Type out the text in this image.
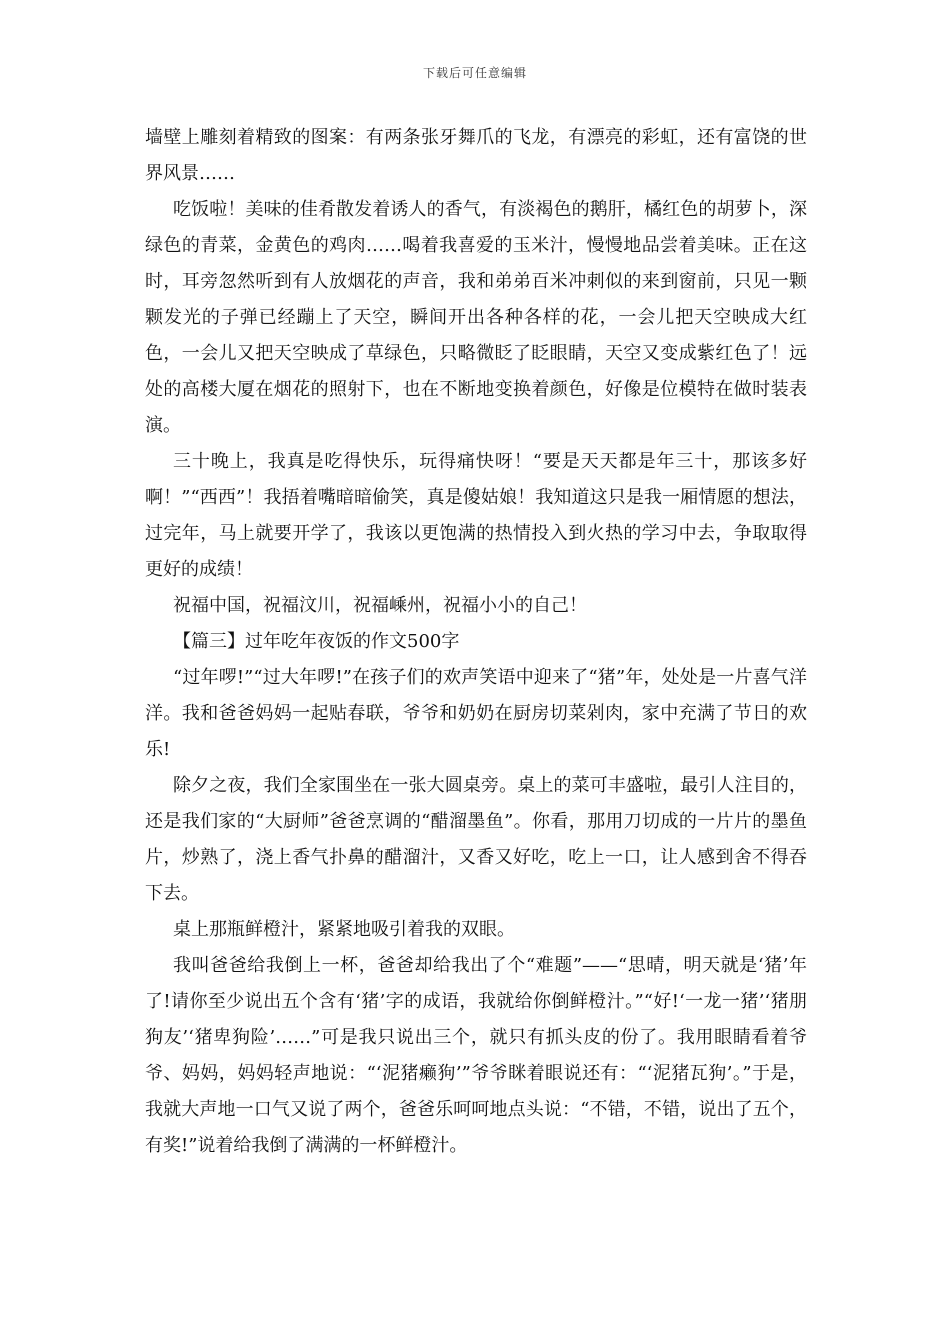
下载后可任意编辑

墙壁上雕刻着精致的图案：有两条张牙舞爪的飞龙，有漂亮的彩虹，还有富饶的世界风景……

吃饭啦！美味的佳肴散发着诱人的香气，有淡褐色的鹅肝，橘红色的胡萝卜，深绿色的青菜，金黄色的鸡肉……喝着我喜爱的玉米汁，慢慢地品尝着美味。正在这时，耳旁忽然听到有人放烟花的声音，我和弟弟百米冲刺似的来到窗前，只见一颗颗发光的子弹已经蹦上了天空，瞬间开出各种各样的花，一会儿把天空映成大红色，一会儿又把天空映成了草绿色，只略微眨了眨眼睛，天空又变成紫红色了！远处的高楼大厦在烟花的照射下，也在不断地变换着颜色，好像是位模特在做时装表演。

三十晚上，我真是吃得快乐，玩得痛快呀！“要是天天都是年三十，那该多好啊！”“西西”！我捂着嘴暗暗偷笑，真是傻姑娘！我知道这只是我一厢情愿的想法，过完年，马上就要开学了，我该以更饱满的热情投入到火热的学习中去，争取取得更好的成绩！

祝福中国，祝福汶川，祝福嵊州，祝福小小的自己！

【篇三】过年吃年夜饭的作文500字

“过年啰!”“过大年啰!”在孩子们的欢声笑语中迎来了“猪”年，处处是一片喜气洋洋。我和爸爸妈妈一起贴春联，爷爷和奶奶在厨房切菜剁肉，家中充满了节日的欢乐!

除夕之夜，我们全家围坐在一张大圆桌旁。桌上的菜可丰盛啦，最引人注目的，还是我们家的“大厨师”爸爸烹调的“醋溜墨鱼”。你看，那用刀切成的一片片的墨鱼片，炒熟了，浇上香气扑鼻的醋溜汁，又香又好吃，吃上一口，让人感到舍不得吞下去。

桌上那瓶鲜橙汁，紧紧地吸引着我的双眼。

我叫爸爸给我倒上一杯，爸爸却给我出了个“难题”——“思晴，明天就是‘猪’年了!请你至少说出五个含有‘猪’字的成语，我就给你倒鲜橙汁。”“好!‘一龙一猪’‘猪朋狗友’‘猪卑狗险’……”可是我只说出三个，就只有抓头皮的份了。我用眼睛看着爷爷、妈妈，妈妈轻声地说：“‘泥猪癞狗’”爷爷眯着眼说还有：“‘泥猪瓦狗’。”于是，我就大声地一口气又说了两个，爸爸乐呵呵地点头说：“不错，不错，说出了五个，有奖!”说着给我倒了满满的一杯鲜橙汁。
